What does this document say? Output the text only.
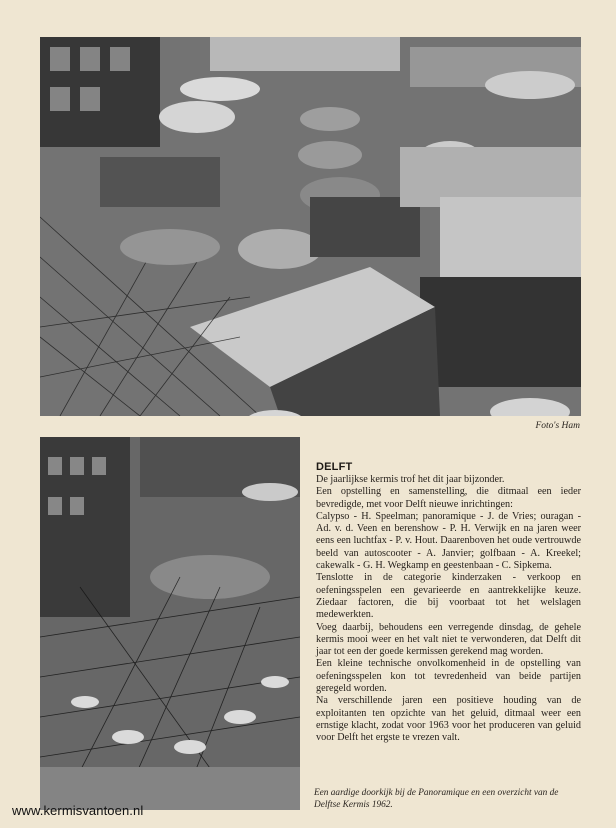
Foto's Ham
DELFT

De jaarlijkse kermis trof het dit jaar bijzonder.

Een opstelling en samenstelling, die ditmaal een ieder bevredigde, met voor Delft nieuwe inrichtingen:

Calypso - H. Speelman; panoramique - J. de Vries; ouragan - Ad. v. d. Veen en berenshow - P. H. Verwijk en na jaren weer eens een luchtfax - P. v. Hout. Daarenboven het oude vertrouwde beeld van autoscooter - A. Janvier; golfbaan - A. Kreekel; cakewalk - G. H. Wegkamp en geestenbaan - C. Sipkema.

Tenslotte in de categorie kinderzaken - verkoop en oefeningsspelen een gevarieerde en aantrekkelijke keuze. Ziedaar factoren, die bij voorbaat tot het welslagen medewerkten.

Voeg daarbij, behoudens een verregende dinsdag, de gehele kermis mooi weer en het valt niet te verwonderen, dat Delft dit jaar tot een der goede kermissen gerekend mag worden.

Een kleine technische onvolkomenheid in de opstelling van oefeningsspelen kon tot tevredenheid van beide partijen geregeld worden.

Na verschillende jaren een positieve houding van de exploitanten ten opzichte van het geluid, ditmaal weer een ernstige klacht, zodat voor 1963 voor het produceren van geluid voor Delft het ergste te vrezen valt.

Een aardige doorkijk bij de Panoramique en een overzicht van de Delftse Kermis 1962.
www.kermisvantoen.nl
